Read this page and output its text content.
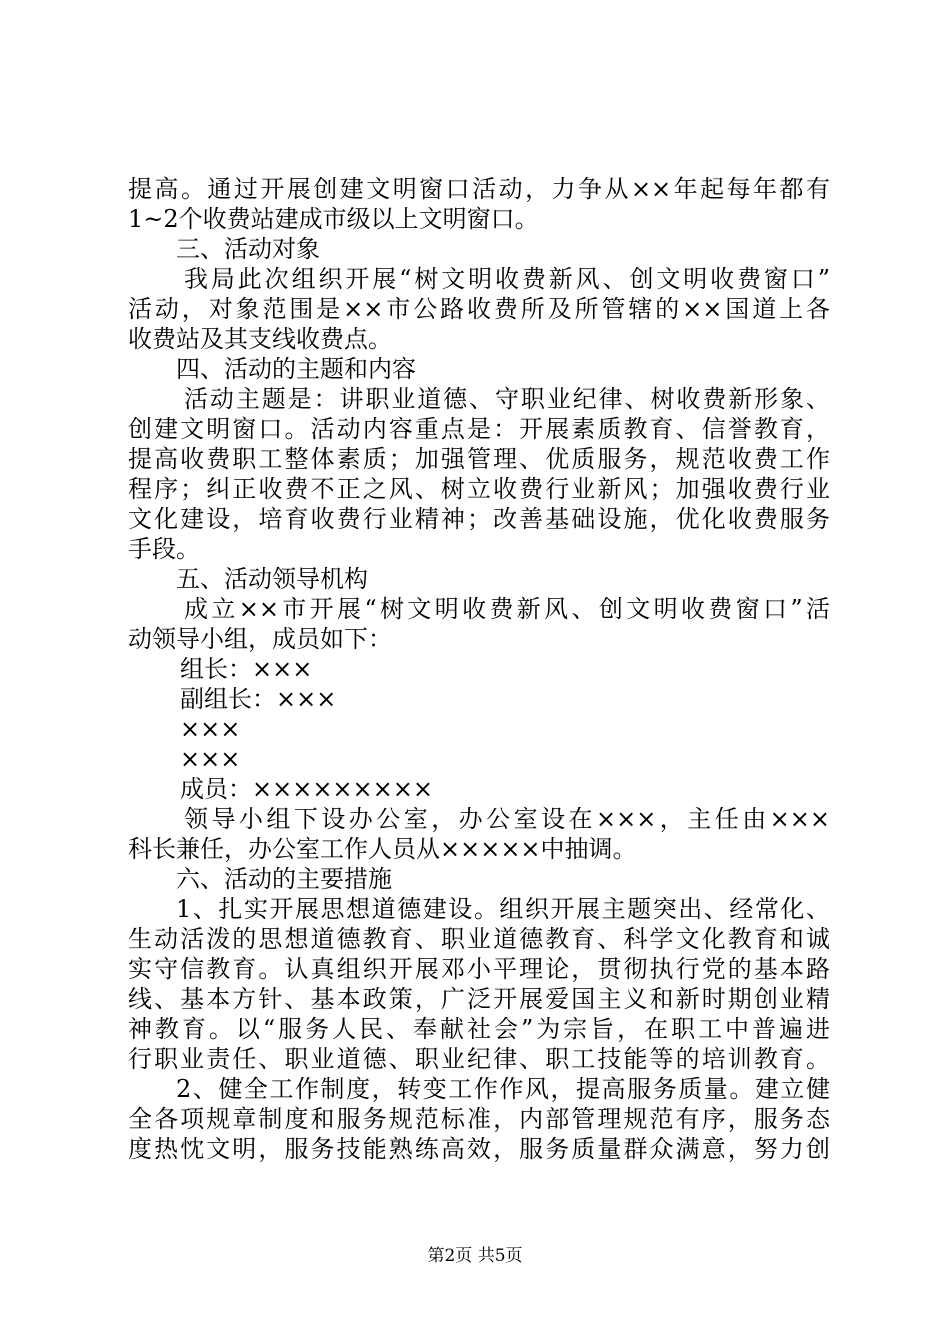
提高。通过开展创建文明窗口活动，力争从××年起每年都有
1~2个收费站建成市级以上文明窗口。
三、活动对象
我局此次组织开展“树文明收费新风、创文明收费窗口”
活动，对象范围是××市公路收费所及所管辖的××国道上各
收费站及其支线收费点。
四、活动的主题和内容
活动主题是：讲职业道德、守职业纪律、树收费新形象、
创建文明窗口。活动内容重点是：开展素质教育、信誉教育，
提高收费职工整体素质；加强管理、优质服务，规范收费工作
程序；纠正收费不正之风、树立收费行业新风；加强收费行业
文化建设，培育收费行业精神；改善基础设施，优化收费服务
手段。
五、活动领导机构
成立××市开展“树文明收费新风、创文明收费窗口”活
动领导小组，成员如下：
组长：×××
副组长：×××
×××
×××
成员：×××××××××
领导小组下设办公室，办公室设在×××，主任由×××
科长兼任，办公室工作人员从×××××中抽调。
六、活动的主要措施
1、扎实开展思想道德建设。组织开展主题突出、经常化、
生动活泼的思想道德教育、职业道德教育、科学文化教育和诚
实守信教育。认真组织开展邓小平理论，贯彻执行党的基本路
线、基本方针、基本政策，广泛开展爱国主义和新时期创业精
神教育。以“服务人民、奉献社会”为宗旨，在职工中普遍进
行职业责任、职业道德、职业纪律、职工技能等的培训教育。
2、健全工作制度，转变工作作风，提高服务质量。建立健
全各项规章制度和服务规范标准，内部管理规范有序，服务态
度热忱文明，服务技能熟练高效，服务质量群众满意，努力创
第2页 共5页
